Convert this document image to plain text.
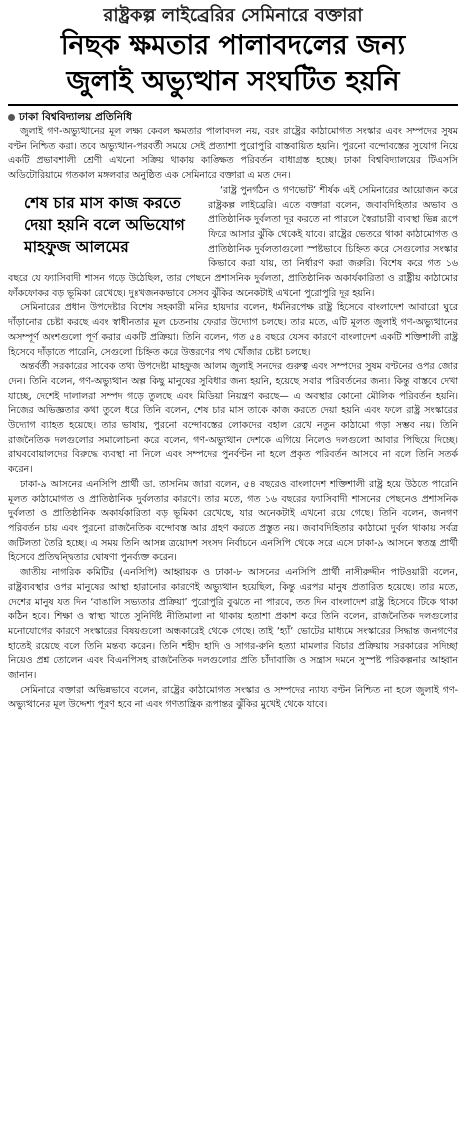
রাষ্ট্রকল্প লাইব্রেরির সেমিনারে বক্তারা

নিছক ক্ষমতার পালাবদলের জন্য
জুলাই অভ্যুত্থান সংঘটিত হয়নি
ঢাকা বিশ্ববিদ্যালয় প্রতিনিধি

জুলাই গণ-অভ্যুত্থানের মূল লক্ষ্য কেবল ক্ষমতার পালাবদল নয়, বরং রাষ্ট্রের কাঠামোগত সংস্কার এবং সম্পদের সুষম বণ্টন নিশ্চিত করা। তবে অভ্যুত্থান-পরবর্তী সময়ে সেই প্রত্যাশা পুরোপুরি বাস্তবায়িত হয়নি। পুরনো বন্দোবস্তের সুযোগ নিয়ে একটি প্রভাবশালী শ্রেণী এখনো সক্রিয় থাকায় কাঙ্ক্ষিত পরিবর্তন বাধাগ্রস্ত হচ্ছে। ঢাকা বিশ্ববিদ্যালয়ের টিএসসি অডিটোরিয়ামে গতকাল মঙ্গলবার অনুষ্ঠিত এক সেমিনারে বক্তারা এ মত দেন।

শেষ চার মাস কাজ করতে দেয়া হয়নি বলে অভিযোগ মাহফুজ আলমের

‘রাষ্ট্র পুনর্গঠন ও গণভোট’ শীর্ষক এই সেমিনারের আয়োজন করে রাষ্ট্রকল্প লাইব্রেরি। এতে বক্তারা বলেন, জবাবদিহিতার অভাব ও প্রাতিষ্ঠানিক দুর্বলতা দূর করতে না পারলে স্বৈরাচারী ব্যবস্থা ভিন্ন রূপে ফিরে আসার ঝুঁকি থেকেই যাবে। রাষ্ট্রের ভেতরে থাকা কাঠামোগত ও প্রাতিষ্ঠানিক দুর্বলতাগুলো স্পষ্টভাবে চিহ্নিত করে সেগুলোর সংস্কার কিভাবে করা যায়, তা নির্ধারণ করা জরুরি। বিশেষ করে গত ১৬ বছরে যে ফ্যাসিবাদী শাসন গড়ে উঠেছিল, তার পেছনে প্রশাসনিক দুর্বলতা, প্রাতিষ্ঠানিক অকার্যকারিতা ও রাষ্ট্রীয় কাঠামোর ফাঁকফোকর বড় ভূমিকা রেখেছে। দুঃখজনকভাবে সেসব ঝুঁকির অনেকটাই এখনো পুরোপুরি দূর হয়নি।

সেমিনারের প্রধান উপদেষ্টার বিশেষ সহকারী মনির হায়দার বলেন, ধর্মনিরপেক্ষ রাষ্ট্র হিসেবে বাংলাদেশ আবারো ঘুরে দাঁড়ানোর চেষ্টা করছে এবং স্বাধীনতার মূল চেতনায় ফেরার উদ্যোগ চলছে। তার মতে, এটি মূলত জুলাই গণ-অভ্যুত্থানের অসম্পূর্ণ অংশগুলো পূর্ণ করার একটি প্রক্রিয়া। তিনি বলেন, গত ৫৪ বছরে যেসব কারণে বাংলাদেশ একটি শক্তিশালী রাষ্ট্র হিসেবে দাঁড়াতে পারেনি, সেগুলো চিহ্নিত করে উত্তরণের পথ খোঁজার চেষ্টা চলছে।

অন্তর্বর্তী সরকারের সাবেক তথ্য উপদেষ্টা মাহফুজ আলম জুলাই সনদের গুরুত্ব এবং সম্পদের সুষম বণ্টনের ওপর জোর দেন। তিনি বলেন, গণ-অভ্যুত্থান অল্প কিছু মানুষের সুবিধার জন্য হয়নি, হয়েছে সবার পরিবর্তনের জন্য। কিন্তু বাস্তবে দেখা যাচ্ছে, দেশেই দালালরা সম্পদ গড়ে তুলছে এবং মিডিয়া নিয়ন্ত্রণ করছে— এ অবস্থার কোনো মৌলিক পরিবর্তন হয়নি। নিজের অভিজ্ঞতার কথা তুলে ধরে তিনি বলেন, শেষ চার মাস তাকে কাজ করতে দেয়া হয়নি এবং ফলে রাষ্ট্র সংস্কারের উদ্যোগ ব্যাহত হয়েছে। তার ভাষায়, পুরনো বন্দোবস্তের লোকদের বহাল রেখে নতুন কাঠামো গড়া সম্ভব নয়। তিনি রাজনৈতিক দলগুলোর সমালোচনা করে বলেন, গণ-অভ্যুত্থান দেশকে এগিয়ে নিলেও দলগুলো আবার পিছিয়ে দিচ্ছে। রাঘববোয়ালদের বিরুদ্ধে ব্যবস্থা না নিলে এবং সম্পদের পুনর্বণ্টন না হলে প্রকৃত পরিবর্তন আসবে না বলে তিনি সতর্ক করেন।

ঢাকা-৯ আসনের এনসিপি প্রার্থী ডা. তাসনিম জারা বলেন, ৫৪ বছরেও বাংলাদেশ শক্তিশালী রাষ্ট্র হয়ে উঠতে পারেনি মূলত কাঠামোগত ও প্রাতিষ্ঠানিক দুর্বলতার কারণে। তার মতে, গত ১৬ বছরের ফ্যাসিবাদী শাসনের পেছনেও প্রশাসনিক দুর্বলতা ও প্রাতিষ্ঠানিক অকার্যকারিতা বড় ভূমিকা রেখেছে, যার অনেকটাই এখনো রয়ে গেছে। তিনি বলেন, জনগণ পরিবর্তন চায় এবং পুরনো রাজনৈতিক বন্দোবস্ত আর গ্রহণ করতে প্রস্তুত নয়। জবাবদিহিতার কাঠামো দুর্বল থাকায় সর্বত্র জটিলতা তৈরি হচ্ছে। এ সময় তিনি আসন্ন ত্রয়োদশ সংসদ নির্বাচনে এনসিপি থেকে সরে এসে ঢাকা-৯ আসনে স্বতন্ত্র প্রার্থী হিসেবে প্রতিদ্বন্দ্বিতার ঘোষণা পুনর্ব্যক্ত করেন।

জাতীয় নাগরিক কমিটির (এনসিপি) আহ্বায়ক ও ঢাকা-৮ আসনের এনসিপি প্রার্থী নাসীরুদ্দীন পাটওয়ারী বলেন, রাষ্ট্রব্যবস্থার ওপর মানুষের আস্থা হারানোর কারণেই অভ্যুত্থান হয়েছিল, কিন্তু এরপর মানুষ প্রতারিত হয়েছে। তার মতে, দেশের মানুষ যত দিন ‘বাঙালি সভ্যতার প্রক্রিয়া’ পুরোপুরি বুঝতে না পারবে, তত দিন বাংলাদেশ রাষ্ট্র হিসেবে টিকে থাকা কঠিন হবে। শিক্ষা ও স্বাস্থ্য খাতে সুনির্দিষ্ট নীতিমালা না থাকায় হতাশা প্রকাশ করে তিনি বলেন, রাজনৈতিক দলগুলোর মনোযোগের কারণে সংস্কারের বিষয়গুলো অন্ধকারেই থেকে গেছে। তাই ‘হ্যাঁ’ ভোটের মাধ্যমে সংস্কারের সিদ্ধান্ত জনগণের হাতেই রয়েছে বলে তিনি মন্তব্য করেন। তিনি শহীদ হাদি ও সাগর-রুনি হত্যা মামলার বিচার প্রক্রিয়ায় সরকারের সদিচ্ছা নিয়েও প্রশ্ন তোলেন এবং বিএনপিসহ রাজনৈতিক দলগুলোর প্রতি চাঁদাবাজি ও সন্ত্রাস দমনে সুস্পষ্ট পরিকল্পনার আহ্বান জানান।

সেমিনারে বক্তারা অভিন্নভাবে বলেন, রাষ্ট্রের কাঠামোগত সংস্কার ও সম্পদের ন্যায্য বণ্টন নিশ্চিত না হলে জুলাই গণ-অভ্যুত্থানের মূল উদ্দেশ্য পূরণ হবে না এবং গণতান্ত্রিক রূপান্তর ঝুঁকির মুখেই থেকে যাবে।
